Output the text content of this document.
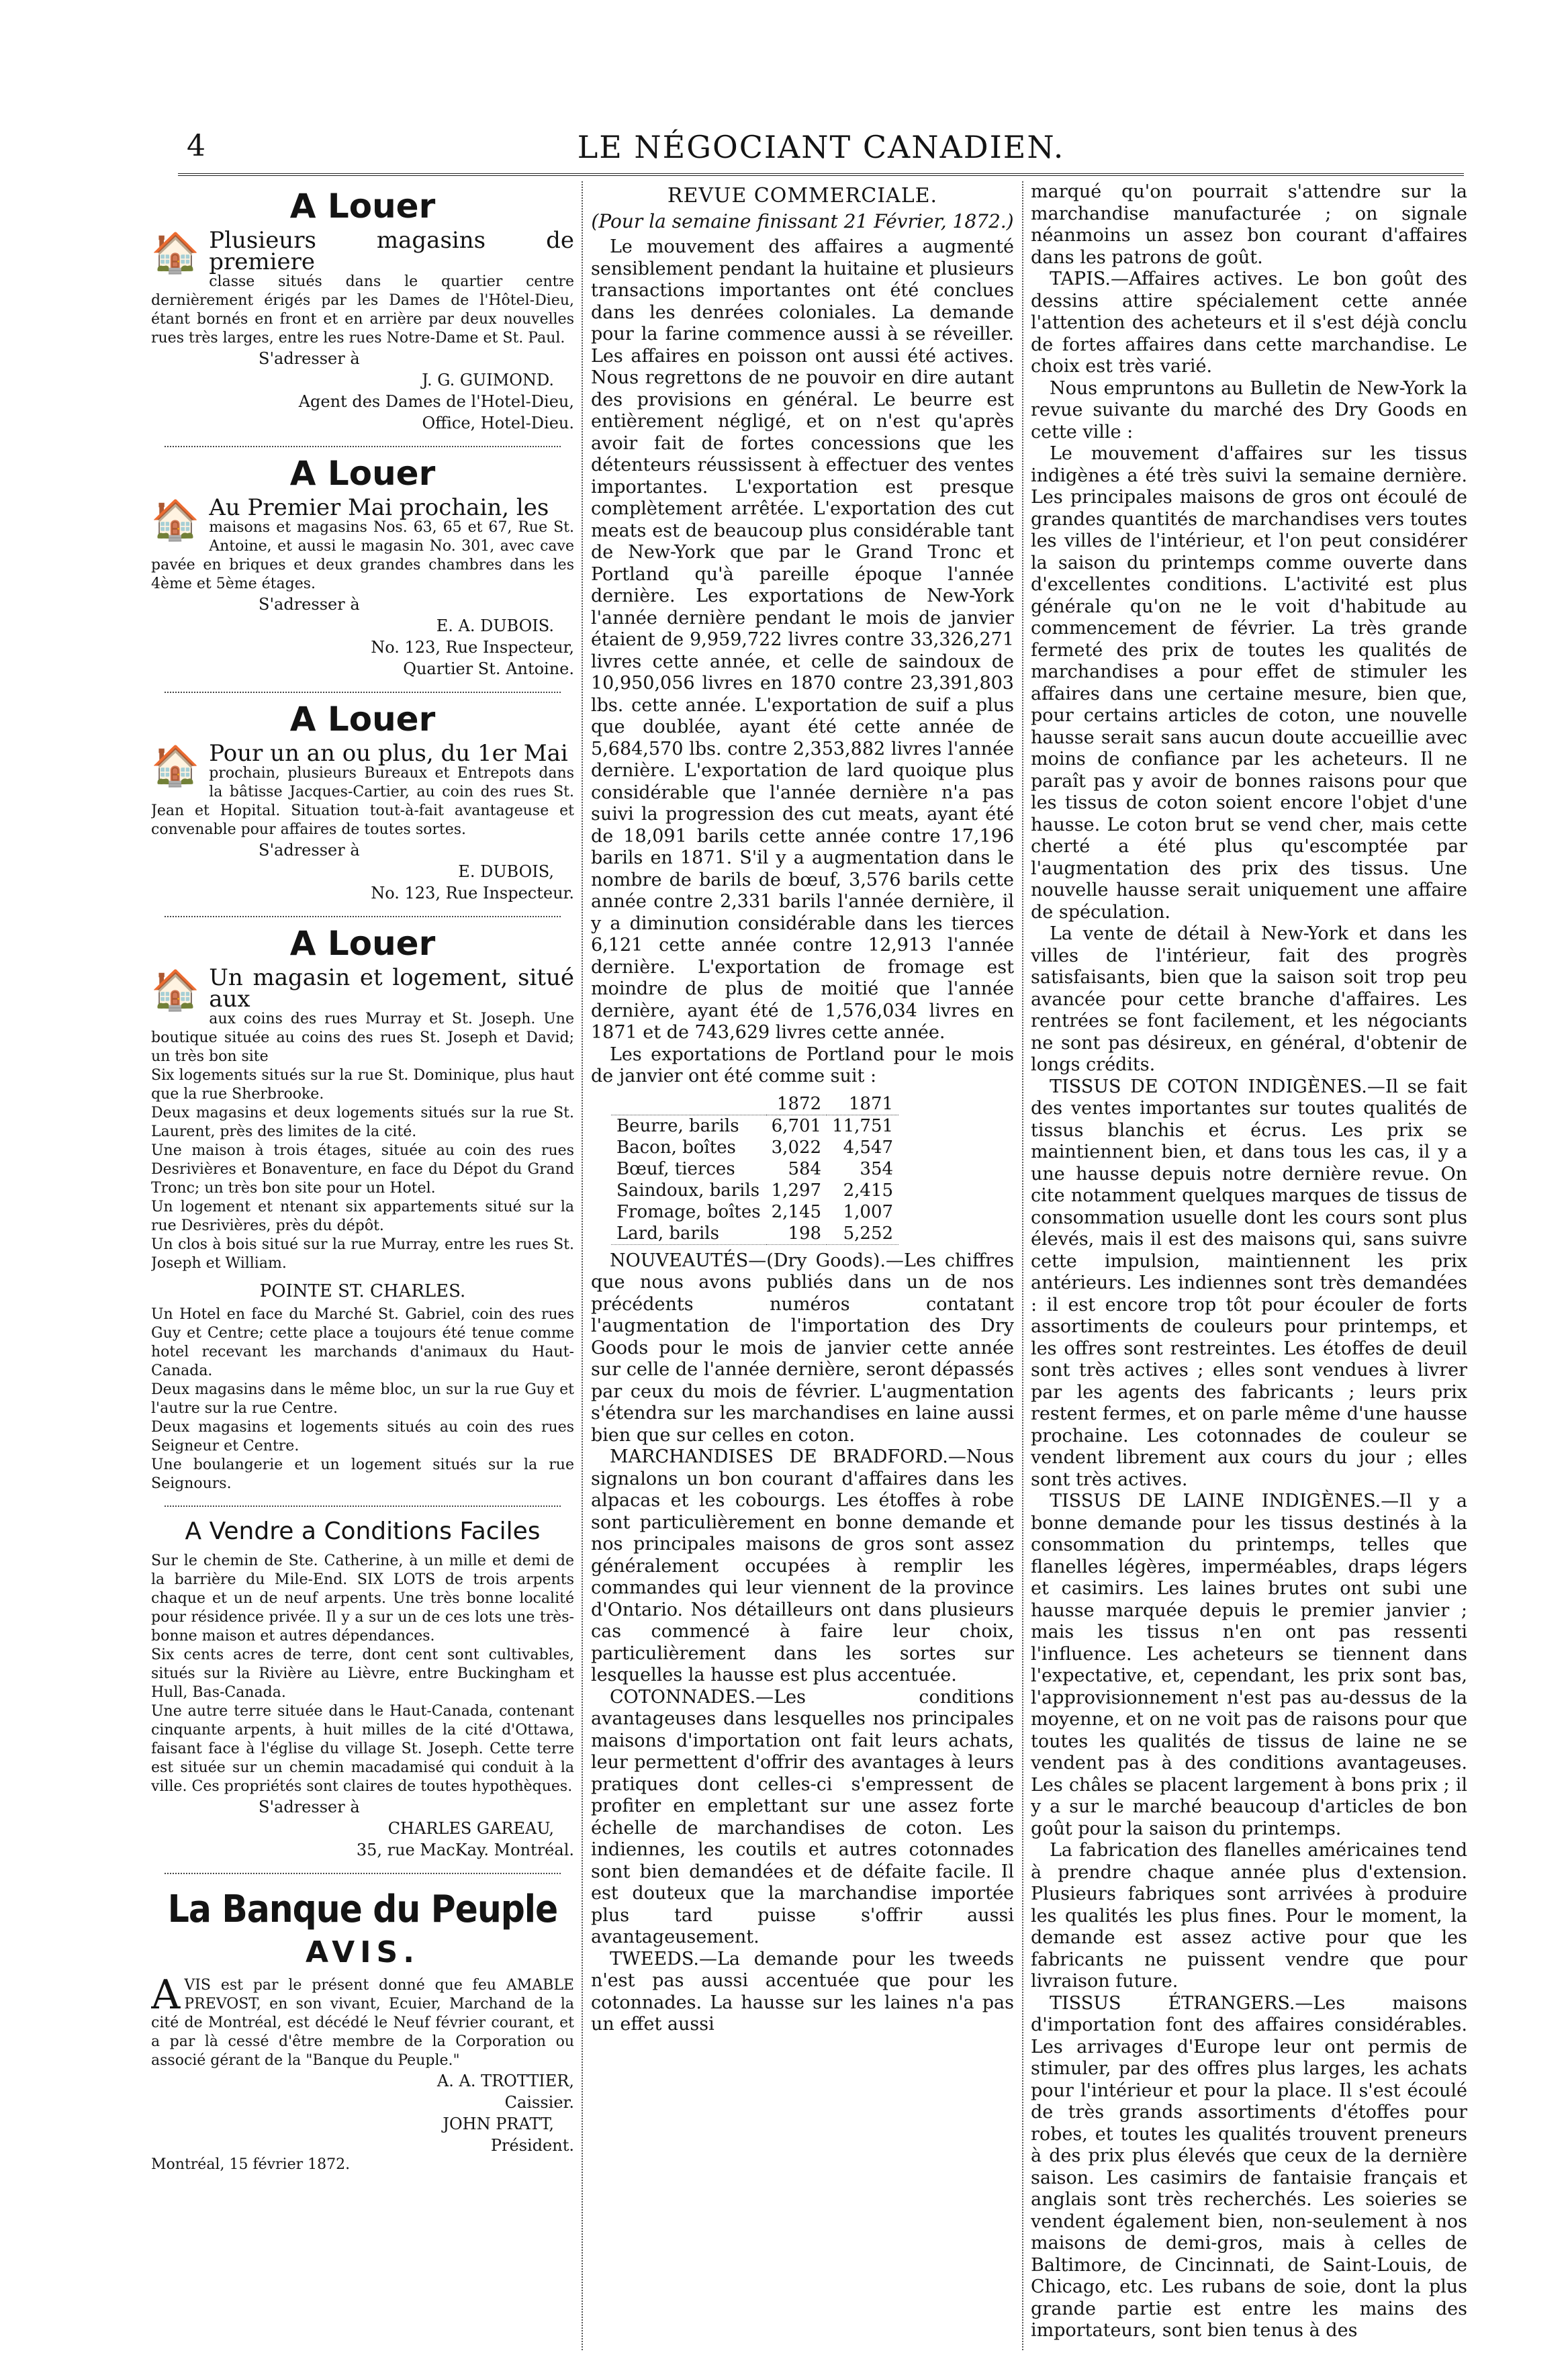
4	LE NÉGOCIANT CANADIEN.
A Louer
🏠 Plusieurs magasins de premiere

classe situés dans le quartier centre dernièrement érigés par les Dames de l'Hôtel-Dieu, étant bornés en front et en arrière par deux nouvelles rues très larges, entre les rues Notre-Dame et St. Paul.

S'adresser à

J. G. GUIMOND.

Agent des Dames de l'Hotel-Dieu,

Office, Hotel-Dieu.

A Louer
🏠 Au Premier Mai prochain, les

maisons et magasins Nos. 63, 65 et 67, Rue St. Antoine, et aussi le magasin No. 301, avec cave pavée en briques et deux grandes chambres dans les 4ème et 5ème étages.

S'adresser à

E. A. DUBOIS.

No. 123, Rue Inspecteur,

Quartier St. Antoine.

A Louer
🏠 Pour un an ou plus, du 1er Mai

prochain, plusieurs Bureaux et Entrepots dans la bâtisse Jacques-Cartier, au coin des rues St. Jean et Hopital. Situation tout-à-fait avantageuse et convenable pour affaires de toutes sortes.

S'adresser à

E. DUBOIS,

No. 123, Rue Inspecteur.

A Louer
🏠 Un magasin et logement, situé aux

aux coins des rues Murray et St. Joseph. Une boutique située au coins des rues St. Joseph et David; un très bon site

Six logements situés sur la rue St. Dominique, plus haut que la rue Sherbrooke.

Deux magasins et deux logements situés sur la rue St. Laurent, près des limites de la cité.

Une maison à trois étages, située au coin des rues Desrivières et Bonaventure, en face du Dépot du Grand Tronc; un très bon site pour un Hotel.

Un logement et ntenant six appartements situé sur la rue Desrivières, près du dépôt.

Un clos à bois situé sur la rue Murray, entre les rues St. Joseph et William.

POINTE ST. CHARLES.

Un Hotel en face du Marché St. Gabriel, coin des rues Guy et Centre; cette place a toujours été tenue comme hotel recevant les marchands d'animaux du Haut-Canada.

Deux magasins dans le même bloc, un sur la rue Guy et l'autre sur la rue Centre.

Deux magasins et logements situés au coin des rues Seigneur et Centre.

Une boulangerie et un logement situés sur la rue Seignours.

A Vendre a Conditions Faciles

Sur le chemin de Ste. Catherine, à un mille et demi de la barrière du Mile-End. SIX LOTS de trois arpents chaque et un de neuf arpents. Une très bonne localité pour résidence privée. Il y a sur un de ces lots une très-bonne maison et autres dépendances.

Six cents acres de terre, dont cent sont cultivables, situés sur la Rivière au Lièvre, entre Buckingham et Hull, Bas-Canada.

Une autre terre située dans le Haut-Canada, contenant cinquante arpents, à huit milles de la cité d'Ottawa, faisant face à l'église du village St. Joseph. Cette terre est située sur un chemin macadamisé qui conduit à la ville. Ces propriétés sont claires de toutes hypothèques.

S'adresser à

CHARLES GAREAU,

35, rue MacKay. Montréal.

La Banque du Peuple
AVIS.
A VIS est par le présent donné que feu AMABLE PREVOST, en son vivant, Ecuier, Marchand de la cité de Montréal, est décédé le Neuf février courant, et a par là cessé d'être membre de la Corporation ou associé gérant de la "Banque du Peuple."

A. A. TROTTIER,

Caissier.

JOHN PRATT,

Président.

Montréal, 15 février 1872.

REVUE COMMERCIALE.
(Pour la semaine finissant 21 Février, 1872.)

Le mouvement des affaires a augmenté sensiblement pendant la huitaine et plusieurs transactions importantes ont été conclues dans les denrées coloniales. La demande pour la farine commence aussi à se réveiller. Les affaires en poisson ont aussi été actives. Nous regrettons de ne pouvoir en dire autant des provisions en général. Le beurre est entièrement négligé, et on n'est qu'après avoir fait de fortes concessions que les détenteurs réussissent à effectuer des ventes importantes. L'exportation est presque complètement arrêtée. L'exportation des cut meats est de beaucoup plus considérable tant de New-York que par le Grand Tronc et Portland qu'à pareille époque l'année dernière. Les exportations de New-York l'année dernière pendant le mois de janvier étaient de 9,959,722 livres contre 33,326,271 livres cette année, et celle de saindoux de 10,950,056 livres en 1870 contre 23,391,803 lbs. cette année. L'exportation de suif a plus que doublée, ayant été cette année de 5,684,570 lbs. contre 2,353,882 livres l'année dernière. L'exportation de lard quoique plus considérable que l'année dernière n'a pas suivi la progression des cut meats, ayant été de 18,091 barils cette année contre 17,196 barils en 1871. S'il y a augmentation dans le nombre de barils de bœuf, 3,576 barils cette année contre 2,331 barils l'année dernière, il y a diminution considérable dans les tierces 6,121 cette année contre 12,913 l'année dernière. L'exportation de fromage est moindre de plus de moitié que l'année dernière, ayant été de 1,576,034 livres en 1871 et de 743,629 livres cette année.

Les exportations de Portland pour le mois de janvier ont été comme suit :

	1872	1871
Beurre, barils	6,701	11,751
Bacon, boîtes	3,022	4,547
Bœuf, tierces	584	354
Saindoux, barils	1,297	2,415
Fromage, boîtes	2,145	1,007
Lard, barils	198	5,252

NOUVEAUTÉS—(Dry Goods).—Les chiffres que nous avons publiés dans un de nos précédents numéros contatant l'augmentation de l'importation des Dry Goods pour le mois de janvier cette année sur celle de l'année dernière, seront dépassés par ceux du mois de février. L'augmentation s'étendra sur les marchandises en laine aussi bien que sur celles en coton.

MARCHANDISES DE BRADFORD.—Nous signalons un bon courant d'affaires dans les alpacas et les cobourgs. Les étoffes à robe sont particulièrement en bonne demande et nos principales maisons de gros sont assez généralement occupées à remplir les commandes qui leur viennent de la province d'Ontario. Nos détailleurs ont dans plusieurs cas commencé à faire leur choix, particulièrement dans les sortes sur lesquelles la hausse est plus accentuée.

COTONNADES.—Les conditions avantageuses dans lesquelles nos principales maisons d'importation ont fait leurs achats, leur permettent d'offrir des avantages à leurs pratiques dont celles-ci s'empressent de profiter en emplettant sur une assez forte échelle de marchandises de coton. Les indiennes, les coutils et autres cotonnades sont bien demandées et de défaite facile. Il est douteux que la marchandise importée plus tard puisse s'offrir aussi avantageusement.

TWEEDS.—La demande pour les tweeds n'est pas aussi accentuée que pour les cotonnades. La hausse sur les laines n'a pas un effet aussi

marqué qu'on pourrait s'attendre sur la marchandise manufacturée ; on signale néanmoins un assez bon courant d'affaires dans les patrons de goût.

TAPIS.—Affaires actives. Le bon goût des dessins attire spécialement cette année l'attention des acheteurs et il s'est déjà conclu de fortes affaires dans cette marchandise. Le choix est très varié.

Nous empruntons au Bulletin de New-York la revue suivante du marché des Dry Goods en cette ville :

Le mouvement d'affaires sur les tissus indigènes a été très suivi la semaine dernière. Les principales maisons de gros ont écoulé de grandes quantités de marchandises vers toutes les villes de l'intérieur, et l'on peut considérer la saison du printemps comme ouverte dans d'excellentes conditions. L'activité est plus générale qu'on ne le voit d'habitude au commencement de février. La très grande fermeté des prix de toutes les qualités de marchandises a pour effet de stimuler les affaires dans une certaine mesure, bien que, pour certains articles de coton, une nouvelle hausse serait sans aucun doute accueillie avec moins de confiance par les acheteurs. Il ne paraît pas y avoir de bonnes raisons pour que les tissus de coton soient encore l'objet d'une hausse. Le coton brut se vend cher, mais cette cherté a été plus qu'escomptée par l'augmentation des prix des tissus. Une nouvelle hausse serait uniquement une affaire de spéculation.

La vente de détail à New-York et dans les villes de l'intérieur, fait des progrès satisfaisants, bien que la saison soit trop peu avancée pour cette branche d'affaires. Les rentrées se font facilement, et les négociants ne sont pas désireux, en général, d'obtenir de longs crédits.

TISSUS DE COTON INDIGÈNES.—Il se fait des ventes importantes sur toutes qualités de tissus blanchis et écrus. Les prix se maintiennent bien, et dans tous les cas, il y a une hausse depuis notre dernière revue. On cite notamment quelques marques de tissus de consommation usuelle dont les cours sont plus élevés, mais il est des maisons qui, sans suivre cette impulsion, maintiennent les prix antérieurs. Les indiennes sont très demandées : il est encore trop tôt pour écouler de forts assortiments de couleurs pour printemps, et les offres sont restreintes. Les étoffes de deuil sont très actives ; elles sont vendues à livrer par les agents des fabricants ; leurs prix restent fermes, et on parle même d'une hausse prochaine. Les cotonnades de couleur se vendent librement aux cours du jour ; elles sont très actives.

TISSUS DE LAINE INDIGÈNES.—Il y a bonne demande pour les tissus destinés à la consommation du printemps, telles que flanelles légères, imperméables, draps légers et casimirs. Les laines brutes ont subi une hausse marquée depuis le premier janvier ; mais les tissus n'en ont pas ressenti l'influence. Les acheteurs se tiennent dans l'expectative, et, cependant, les prix sont bas, l'approvisionnement n'est pas au-dessus de la moyenne, et on ne voit pas de raisons pour que toutes les qualités de tissus de laine ne se vendent pas à des conditions avantageuses. Les châles se placent largement à bons prix ; il y a sur le marché beaucoup d'articles de bon goût pour la saison du printemps.

La fabrication des flanelles américaines tend à prendre chaque année plus d'extension. Plusieurs fabriques sont arrivées à produire les qualités les plus fines. Pour le moment, la demande est assez active pour que les fabricants ne puissent vendre que pour livraison future.

TISSUS ÉTRANGERS.—Les maisons d'importation font des affaires considérables. Les arrivages d'Europe leur ont permis de stimuler, par des offres plus larges, les achats pour l'intérieur et pour la place. Il s'est écoulé de très grands assortiments d'étoffes pour robes, et toutes les qualités trouvent preneurs à des prix plus élevés que ceux de la dernière saison. Les casimirs de fantaisie français et anglais sont très recherchés. Les soieries se vendent également bien, non-seulement à nos maisons de demi-gros, mais à celles de Baltimore, de Cincinnati, de Saint-Louis, de Chicago, etc. Les rubans de soie, dont la plus grande partie est entre les mains des importateurs, sont bien tenus à des
